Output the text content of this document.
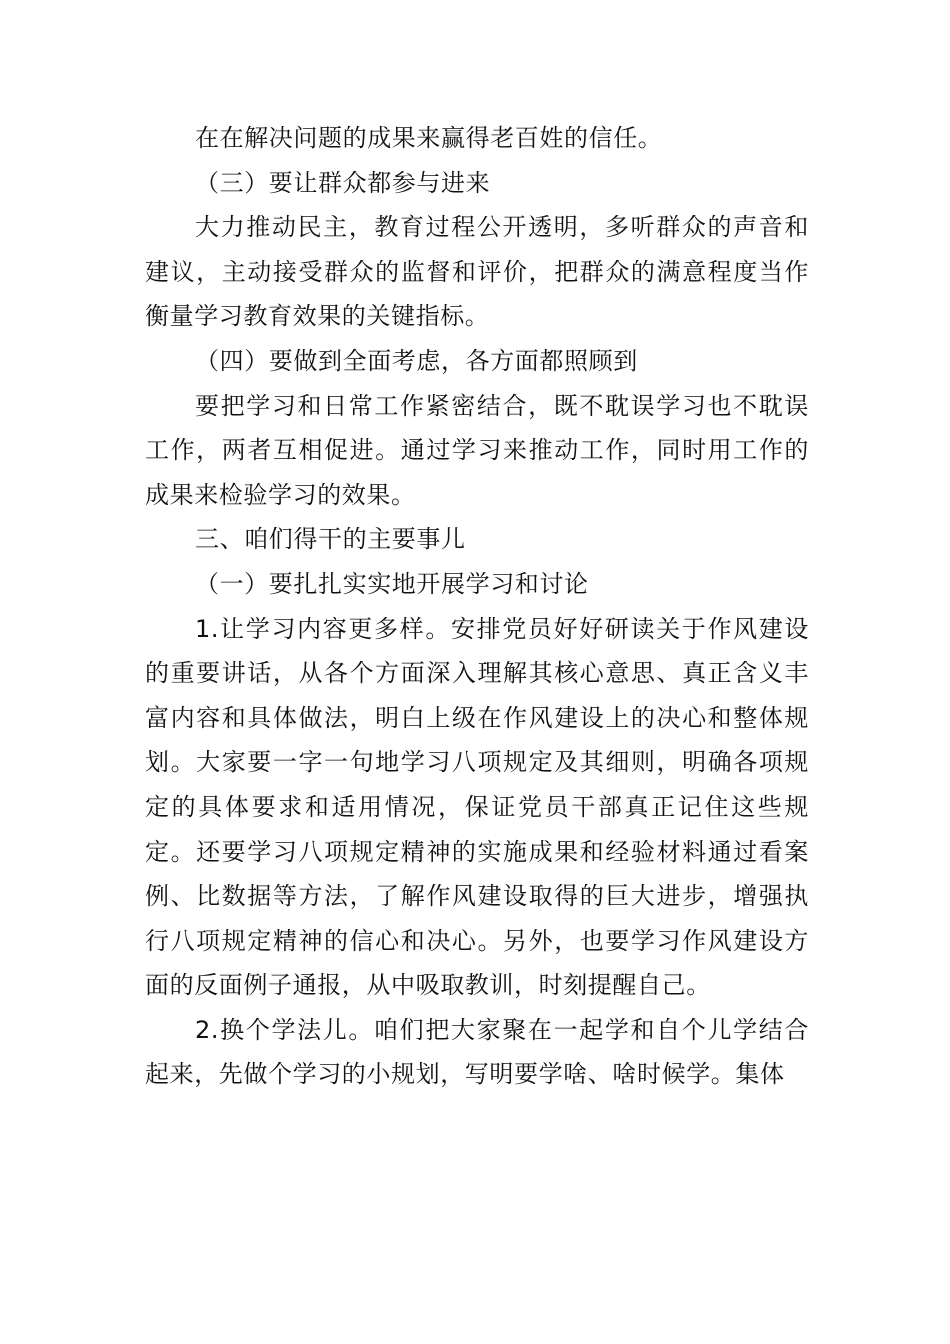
在在解决问题的成果来赢得老百姓的信任。

（三）要让群众都参与进来

大力推动民主，教育过程公开透明，多听群众的声音和建议，主动接受群众的监督和评价，把群众的满意程度当作衡量学习教育效果的关键指标。

（四）要做到全面考虑，各方面都照顾到

要把学习和日常工作紧密结合，既不耽误学习也不耽误工作，两者互相促进。通过学习来推动工作，同时用工作的成果来检验学习的效果。

三、咱们得干的主要事儿

（一）要扎扎实实地开展学习和讨论

1.让学习内容更多样。安排党员好好研读关于作风建设的重要讲话，从各个方面深入理解其核心意思、真正含义丰富内容和具体做法，明白上级在作风建设上的决心和整体规划。大家要一字一句地学习八项规定及其细则，明确各项规定的具体要求和适用情况，保证党员干部真正记住这些规定。还要学习八项规定精神的实施成果和经验材料通过看案例、比数据等方法，了解作风建设取得的巨大进步，增强执行八项规定精神的信心和决心。另外，也要学习作风建设方面的反面例子通报，从中吸取教训，时刻提醒自己。

2.换个学法儿。咱们把大家聚在一起学和自个儿学结合起来，先做个学习的小规划，写明要学啥、啥时候学。集体
